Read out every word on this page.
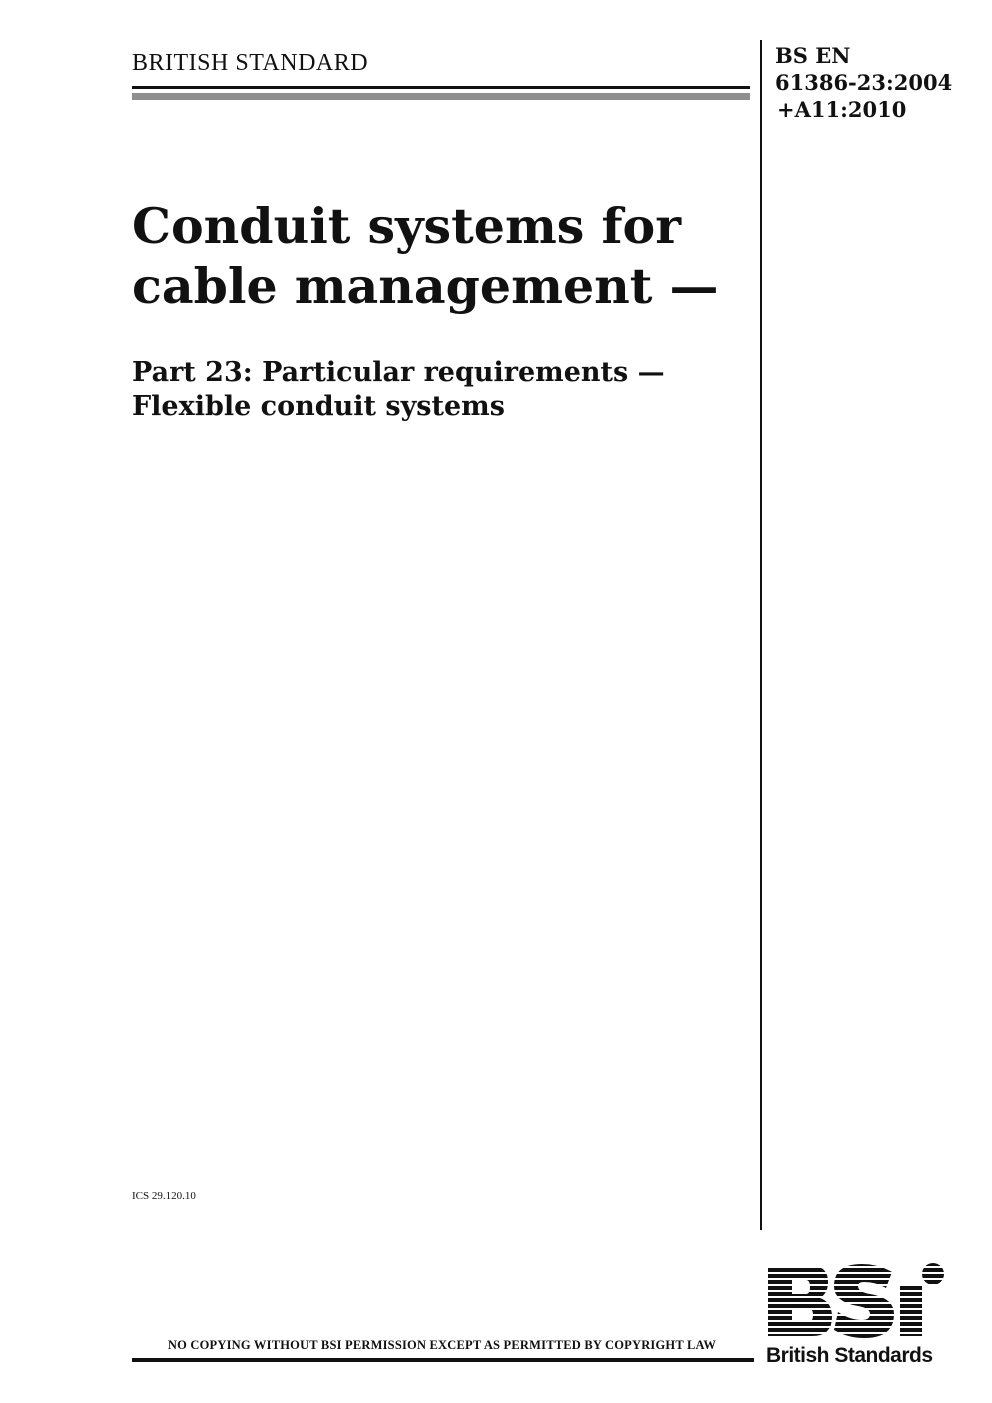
BRITISH STANDARD	BS EN
61386-23:2004
+A11:2010
Conduit systems for
cable management —
Part 23: Particular requirements —
Flexible conduit systems
ICS 29.120.10
NO COPYING WITHOUT BSI PERMISSION EXCEPT AS PERMITTED BY COPYRIGHT LAW	British Standards
